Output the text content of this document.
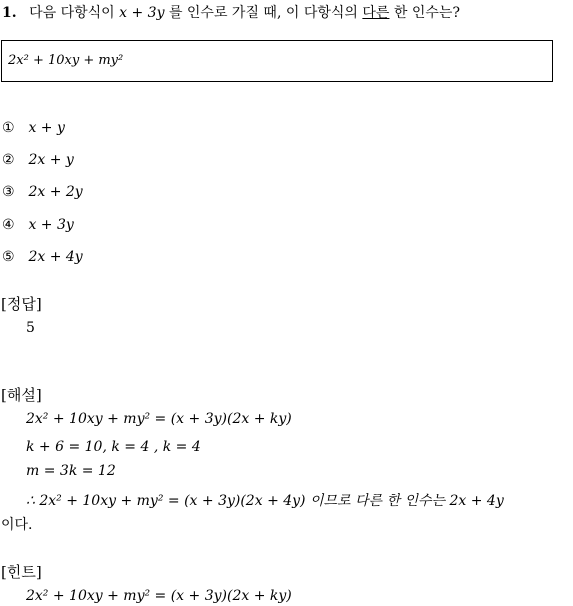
1. 다음 다항식이 x + 3y 를 인수로 가질 때, 이 다항식의 다른 한 인수는?
2x² + 10xy + my²
① x + y
② 2x + y
③ 2x + 2y
④ x + 3y
⑤ 2x + 4y
[정답]
5
[해설]
2x² + 10xy + my² = (x + 3y)(2x + ky)
k + 6 = 10, k = 4 , k = 4
m = 3k = 12
∴ 2x² + 10xy + my² = (x + 3y)(2x + 4y) 이므로 다른 한 인수는 2x + 4y
이다.
[힌트]
2x² + 10xy + my² = (x + 3y)(2x + ky)
